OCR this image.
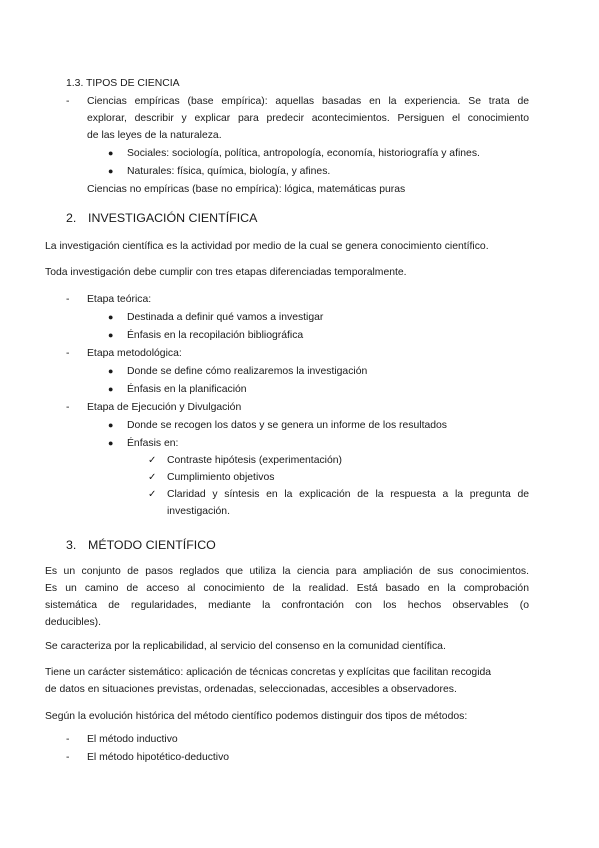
1.3. TIPOS DE CIENCIA

- Ciencias empíricas (base empírica): aquellas basadas en la experiencia. Se trata de

explorar, describir y explicar para predecir acontecimientos. Persiguen el conocimiento

de las leyes de la naturaleza.

● Sociales: sociología, política, antropología, economía, historiografía y afines.

● Naturales: física, química, biología, y afines.

Ciencias no empíricas (base no empírica): lógica, matemáticas puras

2. INVESTIGACIÓN CIENTÍFICA

La investigación científica es la actividad por medio de la cual se genera conocimiento científico.

Toda investigación debe cumplir con tres etapas diferenciadas temporalmente.

- Etapa teórica:

● Destinada a definir qué vamos a investigar

● Énfasis en la recopilación bibliográfica

- Etapa metodológica:

● Donde se define cómo realizaremos la investigación

● Énfasis en la planificación

- Etapa de Ejecución y Divulgación

● Donde se recogen los datos y se genera un informe de los resultados

● Énfasis en:

✓ Contraste hipótesis (experimentación)

✓ Cumplimiento objetivos

✓ Claridad y síntesis en la explicación de la respuesta a la pregunta de

investigación.

3. MÉTODO CIENTÍFICO

Es un conjunto de pasos reglados que utiliza la ciencia para ampliación de sus conocimientos.

Es un camino de acceso al conocimiento de la realidad. Está basado en la comprobación

sistemática de regularidades, mediante la confrontación con los hechos observables (o

deducibles).

Se caracteriza por la replicabilidad, al servicio del consenso en la comunidad científica.

Tiene un carácter sistemático: aplicación de técnicas concretas y explícitas que facilitan recogida

de datos en situaciones previstas, ordenadas, seleccionadas, accesibles a observadores.

Según la evolución histórica del método científico podemos distinguir dos tipos de métodos:

- El método inductivo

- El método hipotético-deductivo
